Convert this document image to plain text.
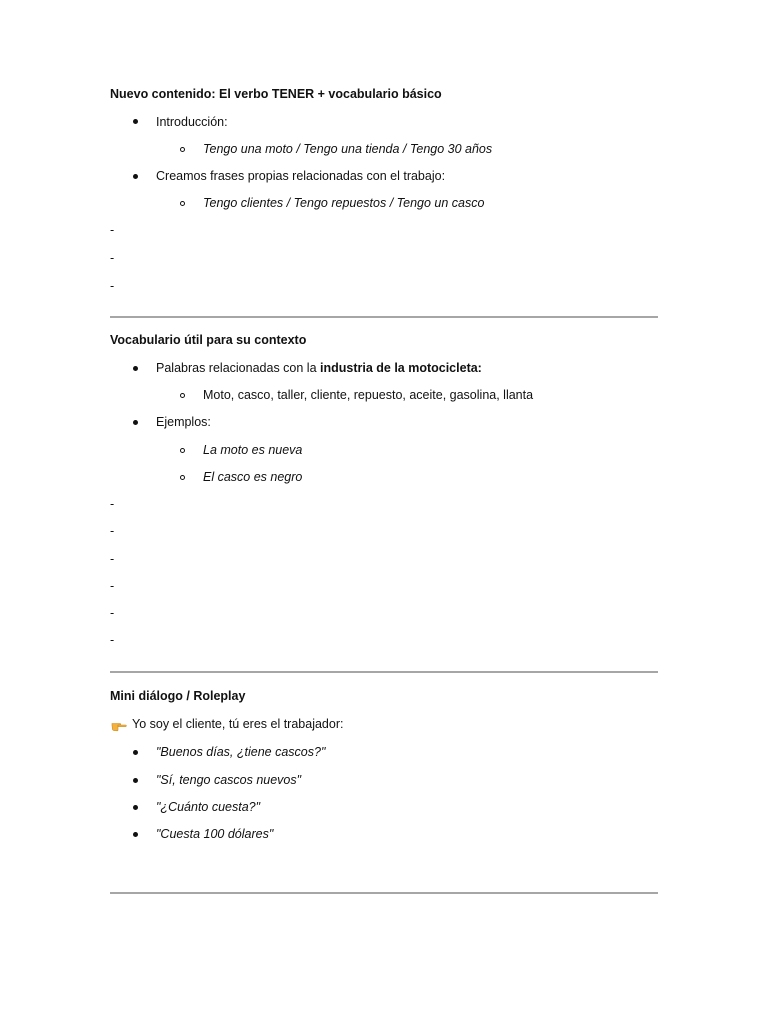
Nuevo contenido: El verbo TENER + vocabulario básico
Introducción:
Tengo una moto / Tengo una tienda / Tengo 30 años
Creamos frases propias relacionadas con el trabajo:
Tengo clientes / Tengo repuestos / Tengo un casco
-
-
-
Vocabulario útil para su contexto
Palabras relacionadas con la industria de la motocicleta:
Moto, casco, taller, cliente, repuesto, aceite, gasolina, llanta
Ejemplos:
La moto es nueva
El casco es negro
-
-
-
-
-
-
Mini diálogo / Roleplay
Yo soy el cliente, tú eres el trabajador:
"Buenos días, ¿tiene cascos?"
"Sí, tengo cascos nuevos"
"¿Cuánto cuesta?"
"Cuesta 100 dólares"
